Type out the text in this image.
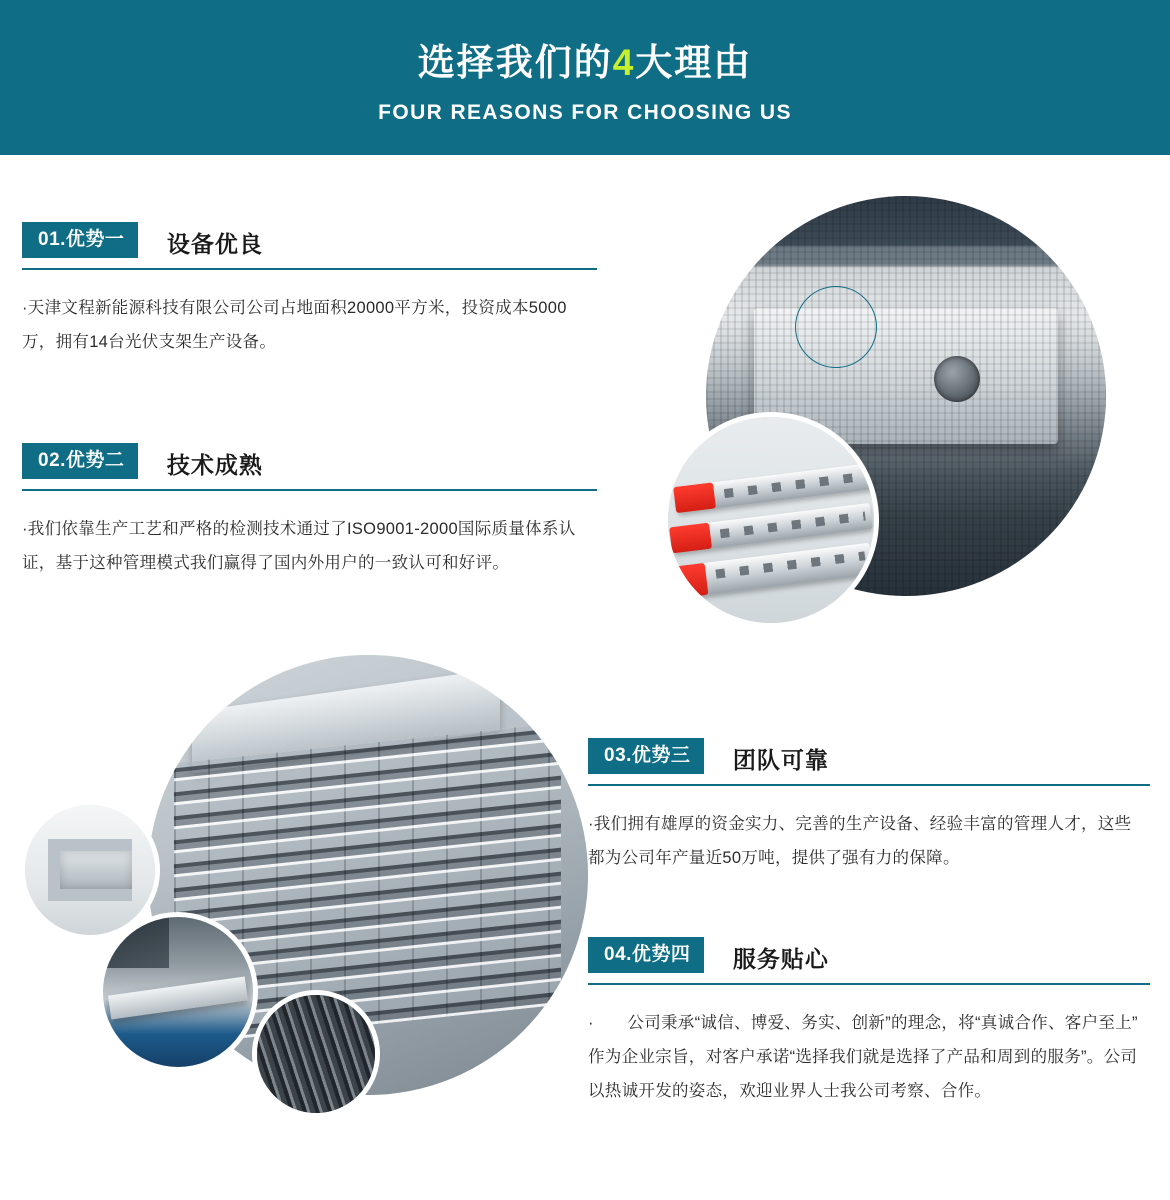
选择我们的4大理由
FOUR REASONS FOR CHOOSING US
01.优势一 设备优良
·天津文程新能源科技有限公司公司占地面积20000平方米，投资成本5000万，拥有14台光伏支架生产设备。
02.优势二 技术成熟
·我们依靠生产工艺和严格的检测技术通过了ISO9001-2000国际质量体系认证，基于这种管理模式我们赢得了国内外用户的一致认可和好评。
03.优势三 团队可靠
·我们拥有雄厚的资金实力、完善的生产设备、经验丰富的管理人才，这些都为公司年产量近50万吨，提供了强有力的保障。
04.优势四 服务贴心
·　　公司秉承“诚信、博爱、务实、创新”的理念，将“真诚合作、客户至上”作为企业宗旨，对客户承诺“选择我们就是选择了产品和周到的服务”。公司以热诚开发的姿态，欢迎业界人士我公司考察、合作。
